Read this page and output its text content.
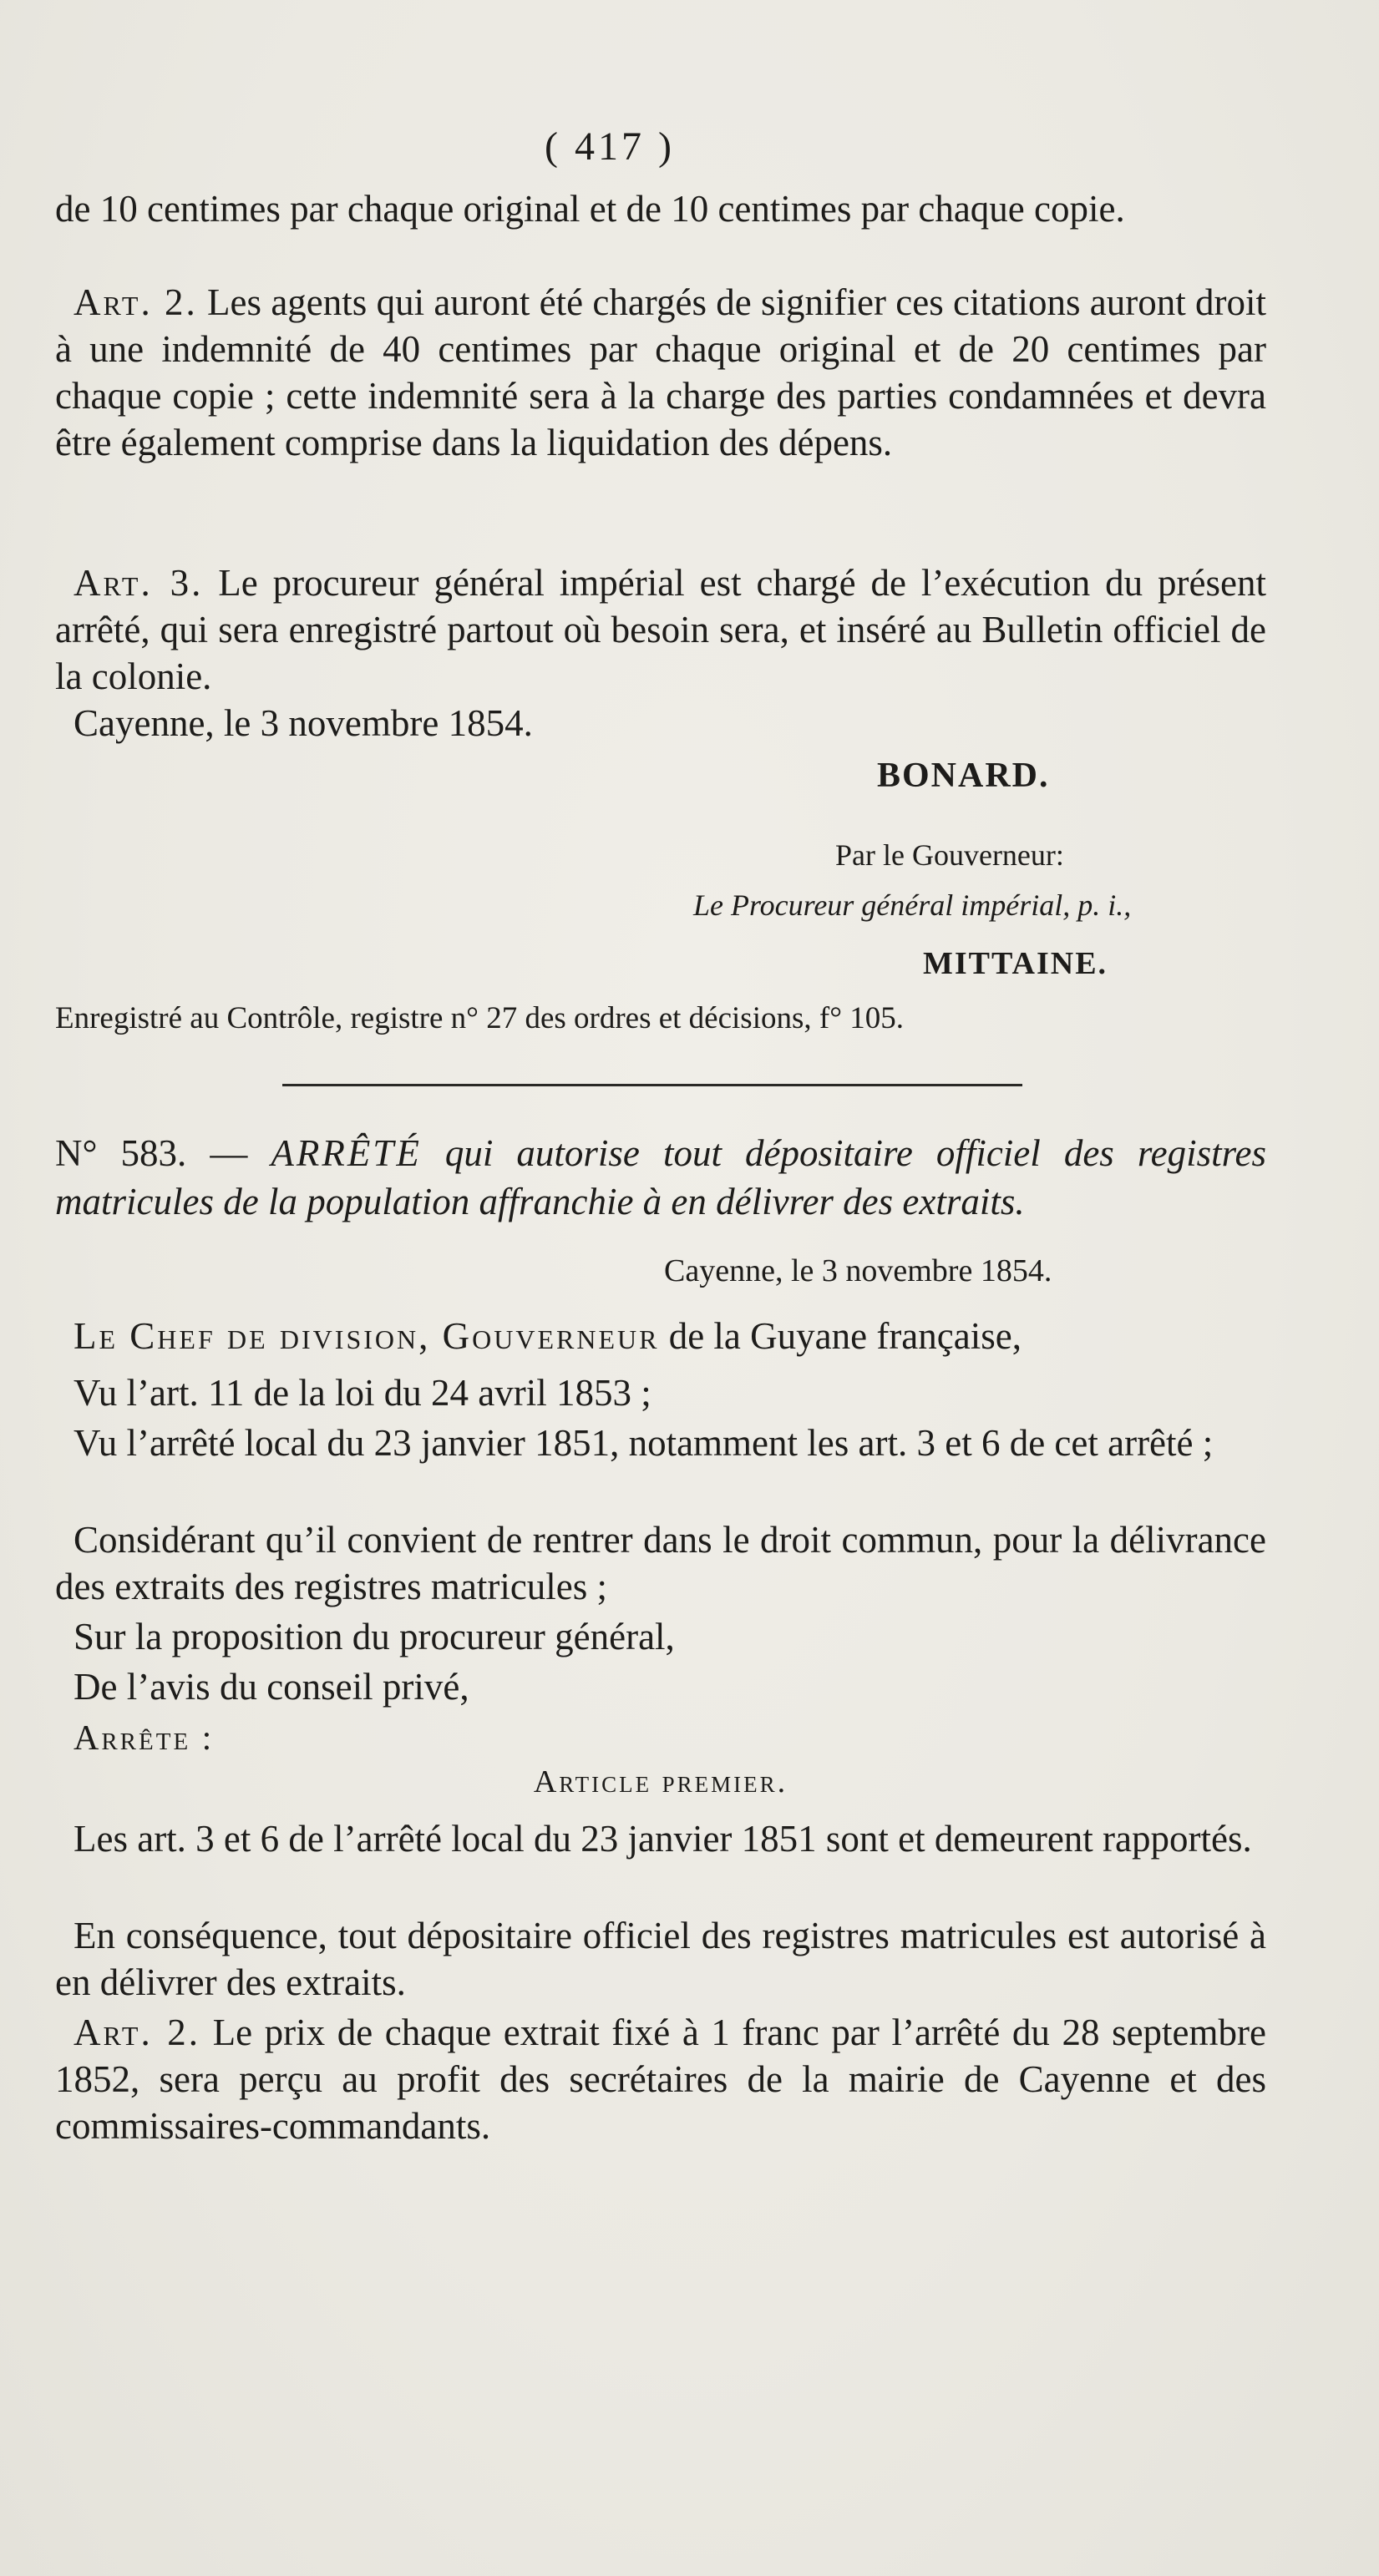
( 417 )

de 10 centimes par chaque original et de 10 centimes par chaque copie.

Art. 2. Les agents qui auront été chargés de signifier ces citations auront droit à une indemnité de 40 centimes par chaque original et de 20 centimes par chaque copie ; cette indemnité sera à la charge des parties condamnées et devra être également comprise dans la liquidation des dépens.

Art. 3. Le procureur général impérial est chargé de l’exécution du présent arrêté, qui sera enregistré partout où besoin sera, et inséré au Bulletin officiel de la colonie.

Cayenne, le 3 novembre 1854.

BONARD.
Par le Gouverneur:
Le Procureur général impérial, p. i.,
MITTAINE.
Enregistré au Contrôle, registre n° 27 des ordres et décisions, f° 105.

N° 583. — ARRÊTÉ qui autorise tout dépositaire officiel des registres matricules de la population affranchie à en délivrer des extraits.

Cayenne, le 3 novembre 1854.

Le Chef de division, Gouverneur de la Guyane française,

Vu l’art. 11 de la loi du 24 avril 1853 ;

Vu l’arrêté local du 23 janvier 1851, notamment les art. 3 et 6 de cet arrêté ;

Considérant qu’il convient de rentrer dans le droit commun, pour la délivrance des extraits des registres matricules ;

Sur la proposition du procureur général,

De l’avis du conseil privé,

Arrête :

Article premier.

Les art. 3 et 6 de l’arrêté local du 23 janvier 1851 sont et demeurent rapportés.

En conséquence, tout dépositaire officiel des registres matricules est autorisé à en délivrer des extraits.

Art. 2. Le prix de chaque extrait fixé à 1 franc par l’arrêté du 28 septembre 1852, sera perçu au profit des secrétaires de la mairie de Cayenne et des commissaires-commandants.
